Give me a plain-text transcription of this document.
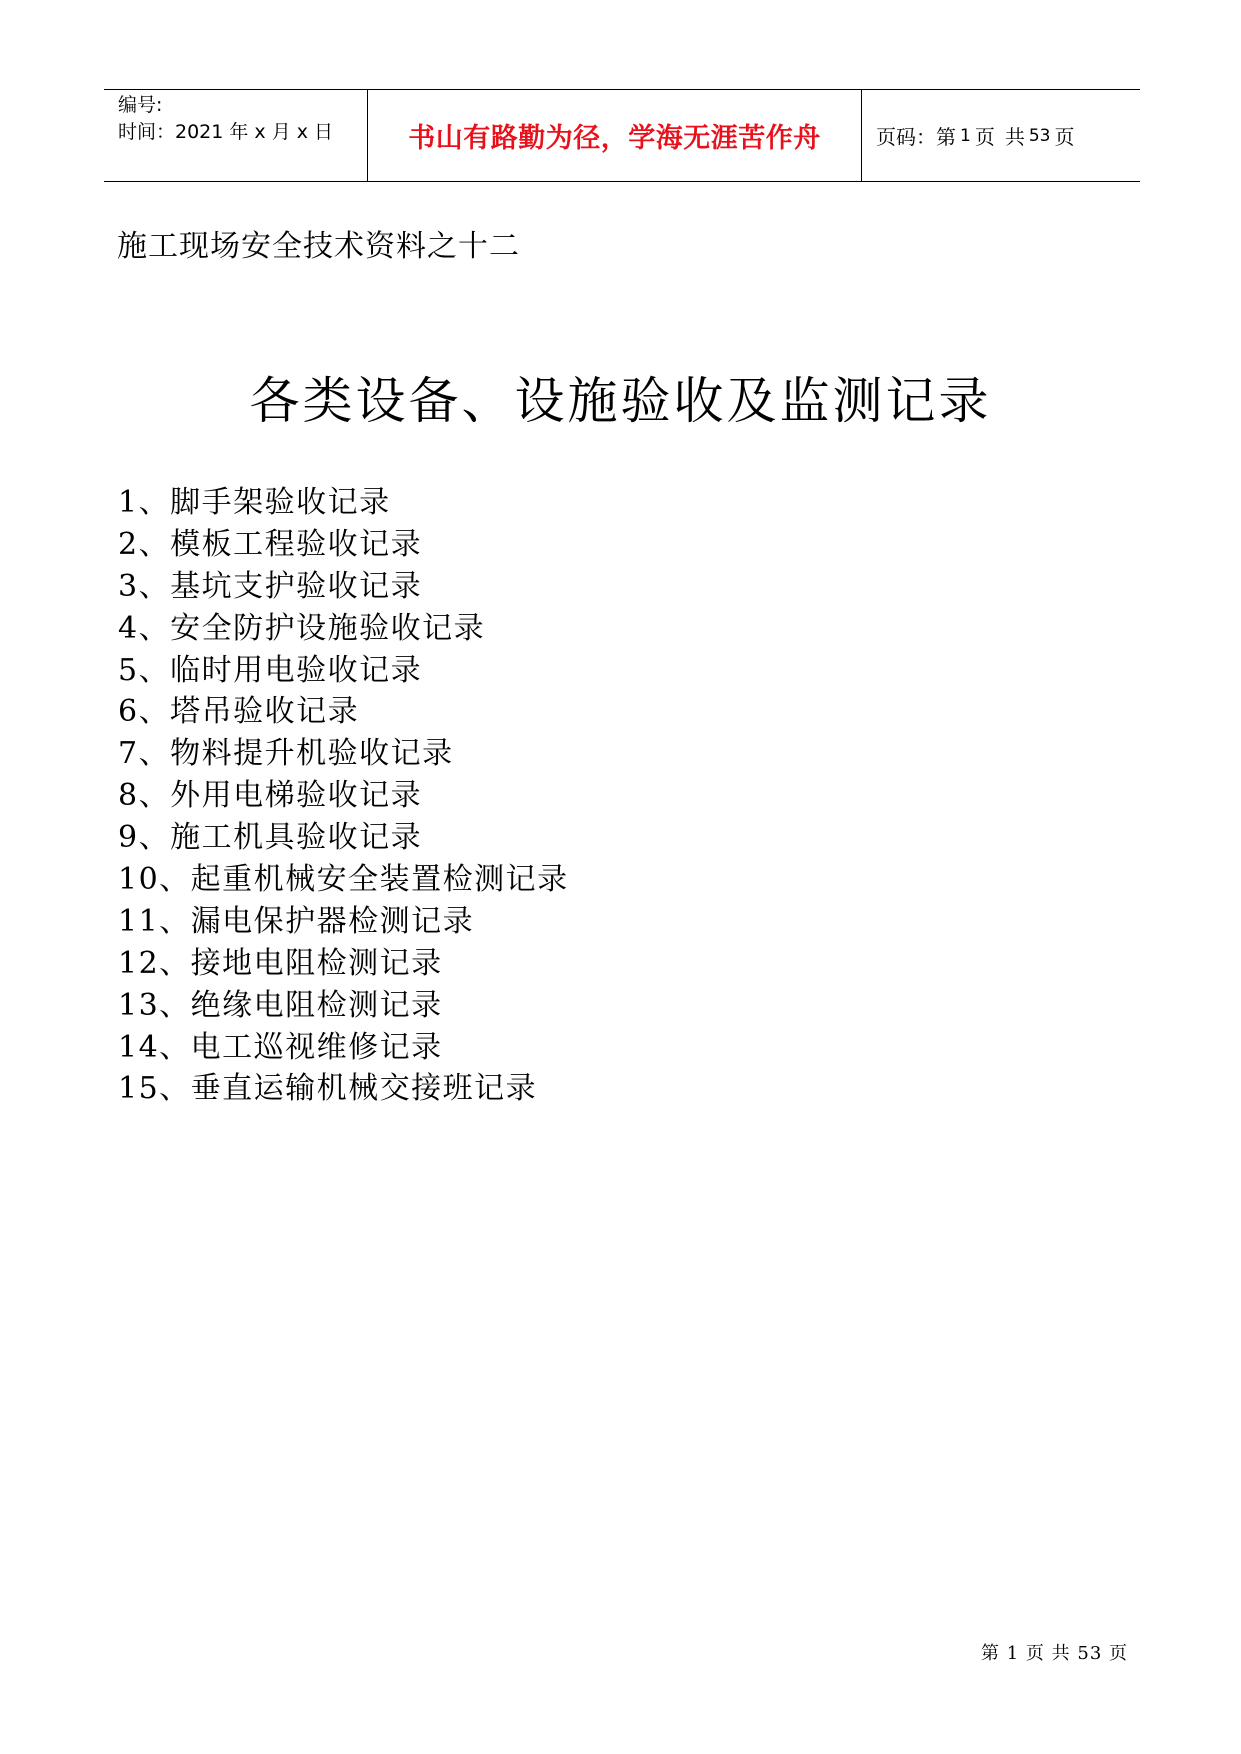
编号:
时间：2021 年 x 月 x 日	书山有路勤为径，学海无涯苦作舟	页码：第 1 页 共 53 页
施工现场安全技术资料之十二
各类设备、设施验收及监测记录
1、脚手架验收记录
2、模板工程验收记录
3、基坑支护验收记录
4、安全防护设施验收记录
5、临时用电验收记录
6、塔吊验收记录
7、物料提升机验收记录
8、外用电梯验收记录
9、施工机具验收记录
10、起重机械安全装置检测记录
11、漏电保护器检测记录
12、接地电阻检测记录
13、绝缘电阻检测记录
14、电工巡视维修记录
15、垂直运输机械交接班记录
第 1 页 共 53 页
